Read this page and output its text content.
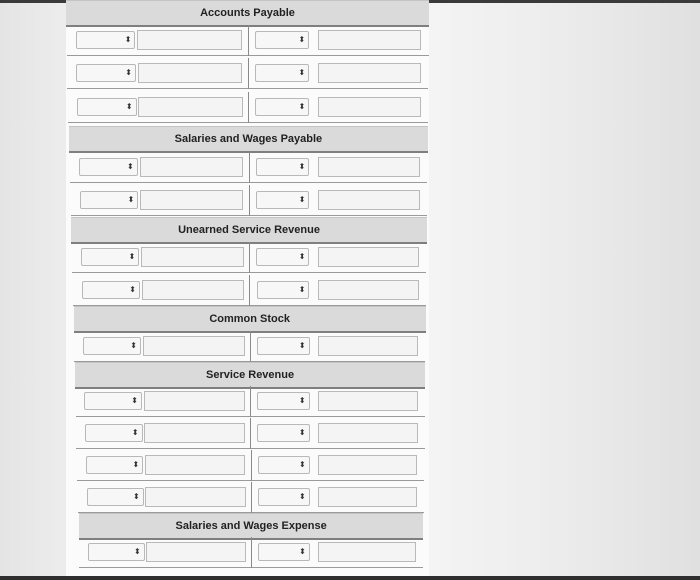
Accounts Payable
⬍	⬍
⬍	⬍
⬍	⬍
Salaries and Wages Payable
⬍	⬍
⬍	⬍
Unearned Service Revenue
⬍	⬍
⬍	⬍
Common Stock
⬍	⬍
Service Revenue
⬍	⬍
⬍	⬍
⬍	⬍
⬍	⬍
Salaries and Wages Expense
⬍	⬍
